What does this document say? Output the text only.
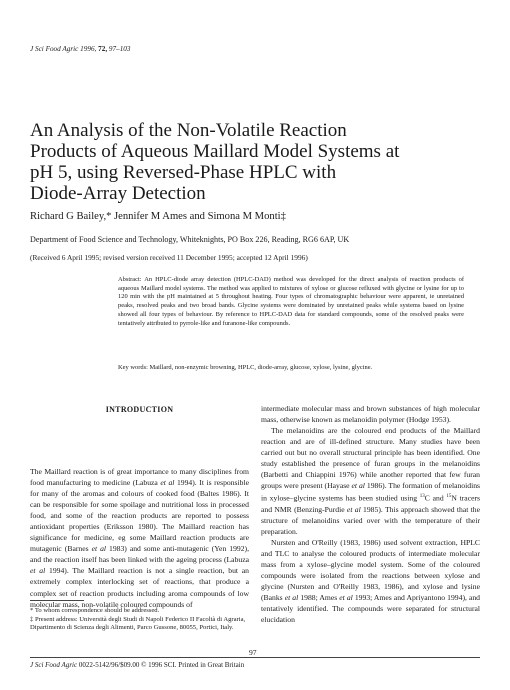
J Sci Food Agric 1996, 72, 97–103
An Analysis of the Non-Volatile Reaction
Products of Aqueous Maillard Model Systems at
pH 5, using Reversed-Phase HPLC with
Diode-Array Detection
Richard G Bailey,* Jennifer M Ames and Simona M Monti‡
Department of Food Science and Technology, Whiteknights, PO Box 226, Reading, RG6 6AP, UK
(Received 6 April 1995; revised version received 11 December 1995; accepted 12 April 1996)
Abstract: An HPLC-diode array detection (HPLC-DAD) method was developed for the direct analysis of reaction products of aqueous Maillard model systems. The method was applied to mixtures of xylose or glucose refluxed with glycine or lysine for up to 120 min with the pH maintained at 5 throughout heating. Four types of chromatographic behaviour were apparent, ie unretained peaks, resolved peaks and two broad bands. Glycine systems were dominated by unretained peaks while systems based on lysine showed all four types of behaviour. By reference to HPLC-DAD data for standard compounds, some of the resolved peaks were tentatively attributed to pyrrole-like and furanone-like compounds.
Key words: Maillard, non-enzymic browning, HPLC, diode-array, glucose, xylose, lysine, glycine.
INTRODUCTION

The Maillard reaction is of great importance to many disciplines from food manufacturing to medicine (Labuza et al 1994). It is responsible for many of the aromas and colours of cooked food (Baltes 1986). It can be responsible for some spoilage and nutritional loss in processed food, and some of the reaction products are reported to possess antioxidant properties (Eriksson 1980). The Maillard reaction has significance for medicine, eg some Maillard reaction products are mutagenic (Barnes et al 1983) and some anti-mutagenic (Yen 1992), and the reaction itself has been linked with the ageing process (Labuza et al 1994). The Maillard reaction is not a single reaction, but an extremely complex interlocking set of reactions, that produce a complex set of reaction products including aroma compounds of low molecular mass, non-volatile coloured compounds of

* To whom correspondence should be addressed.
‡ Present address: Università degli Studi di Napoli Federico II Facoltà di Agraria, Dipartimento di Scienza degli Alimenti, Parco Gussone, 80055, Portici, Italy.

intermediate molecular mass and brown substances of high molecular mass, otherwise known as melanoidin polymer (Hodge 1953).

The melanoidins are the coloured end products of the Maillard reaction and are of ill-defined structure. Many studies have been carried out but no overall structural principle has been identified. One study established the presence of furan groups in the melanoidins (Barbetti and Chiappini 1976) while another reported that few furan groups were present (Hayase et al 1986). The formation of melanoidins in xylose–glycine systems has been studied using $^{13}$C and $^{15}$N tracers and NMR (Benzing-Purdie et al 1985). This approach showed that the structure of melanoidins varied over with the temperature of their preparation.

Nursten and O'Reilly (1983, 1986) used solvent extraction, HPLC and TLC to analyse the coloured products of intermediate molecular mass from a xylose–glycine model system. Some of the coloured compounds were isolated from the reactions between xylose and glycine (Nursten and O'Reilly 1983, 1986), and xylose and lysine (Banks et al 1988; Ames et al 1993; Ames and Apriyantono 1994), and tentatively identified. The compounds were separated for structural elucidation

97
J Sci Food Agric 0022-5142/96/$09.00 © 1996 SCI. Printed in Great Britain
